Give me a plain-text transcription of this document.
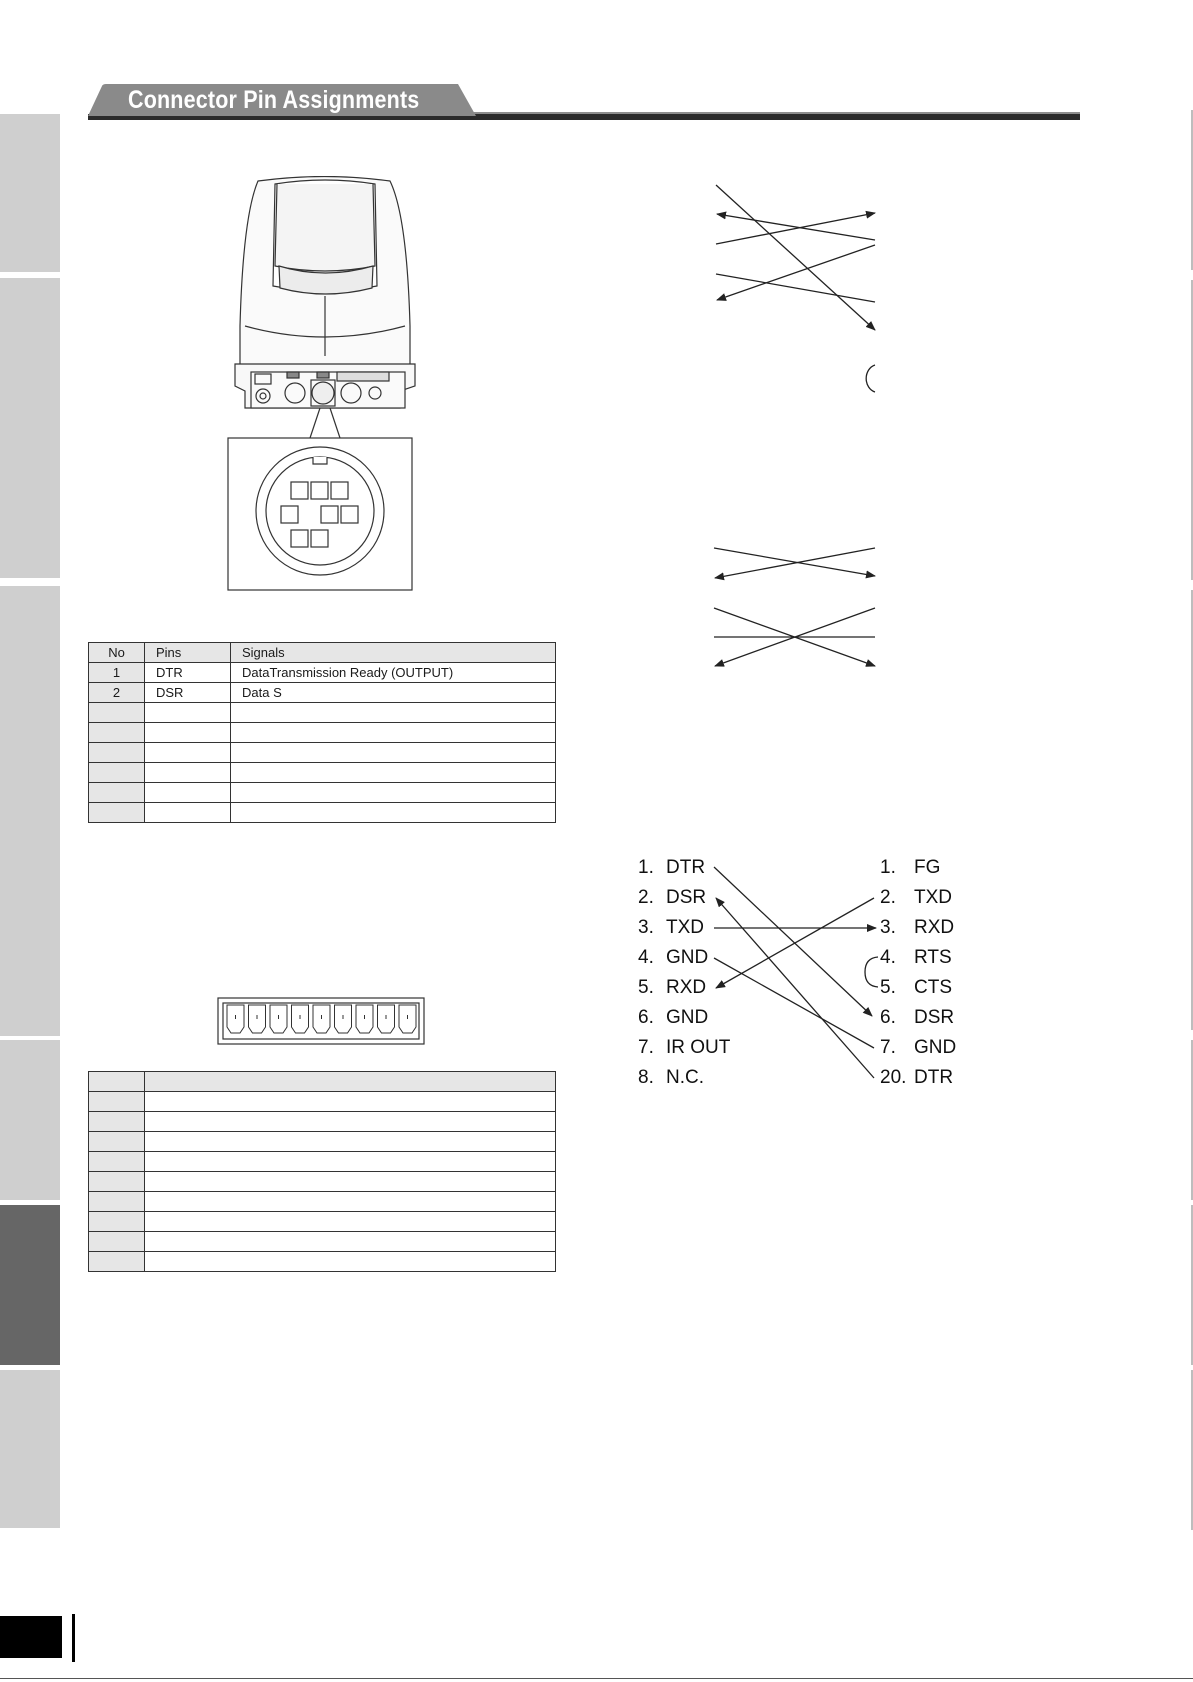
Connector Pin Assignments
No	Pins	Signals
1	DTR	DataTransmission Ready (OUTPUT)
2	DSR	Data S

1. DTR
2. DSR
3. TXD
4. GND
5. RXD
6. GND
7. IR OUT
8. N.C.
1. FG
2. TXD
3. RXD
4. RTS
5. CTS
6. DSR
7. GND
20. DTR
